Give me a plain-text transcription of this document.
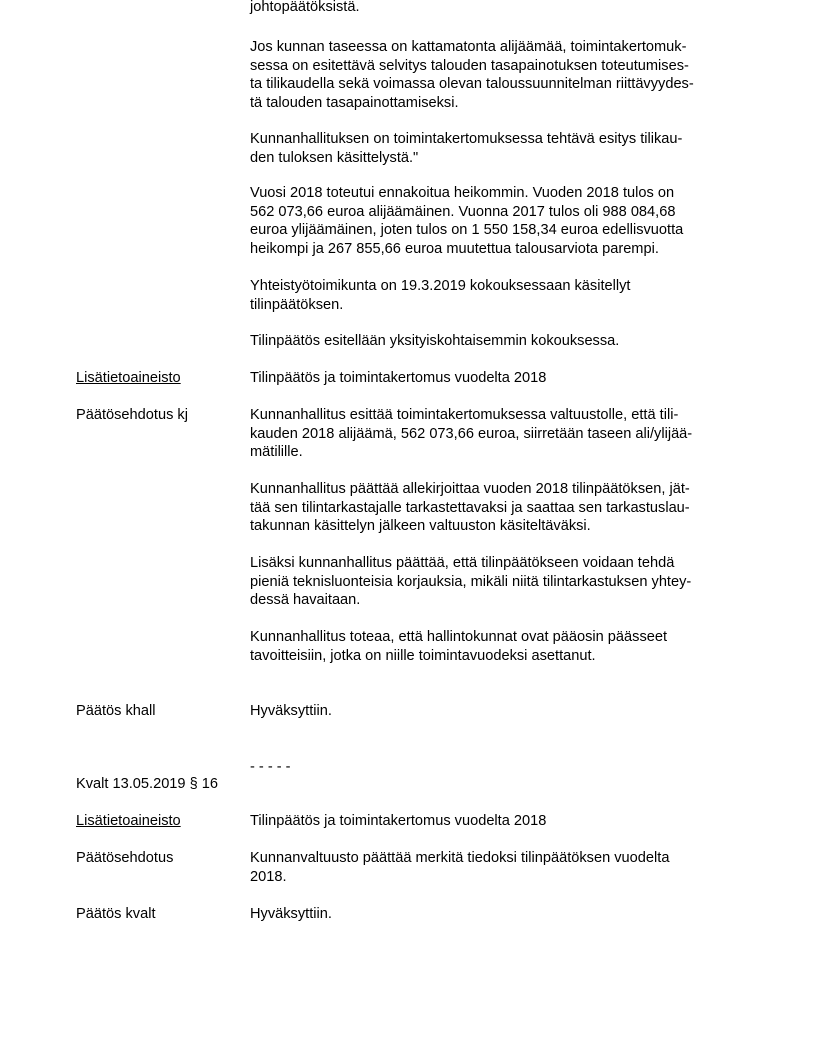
johtopäätöksistä.

Jos kunnan taseessa on kattamatonta alijäämää, toimintakertomuk-
sessa on esitettävä selvitys talouden tasapainotuksen toteutumises-
ta tilikaudella sekä voimassa olevan taloussuunnitelman riittävyydes-
tä talouden tasapainottamiseksi.

Kunnanhallituksen on toimintakertomuksessa tehtävä esitys tilikau-
den tuloksen käsittelystä."

Vuosi 2018 toteutui ennakoitua heikommin. Vuoden 2018 tulos on
562 073,66 euroa alijäämäinen. Vuonna 2017 tulos oli 988 084,68
euroa ylijäämäinen, joten tulos on 1 550 158,34 euroa edellisvuotta
heikompi ja 267 855,66 euroa muutettua talousarviota parempi.

Yhteistyötoimikunta on 19.3.2019 kokouksessaan käsitellyt
tilinpäätöksen.

Tilinpäätös esitellään yksityiskohtaisemmin kokouksessa.

Lisätietoaineisto	Tilinpäätös ja toimintakertomus vuodelta 2018

Päätösehdotus kj	Kunnanhallitus esittää toimintakertomuksessa valtuustolle, että tili-
kauden 2018 alijäämä, 562 073,66 euroa, siirretään taseen ali/ylijää-
mätilille.

Kunnanhallitus päättää allekirjoittaa vuoden 2018 tilinpäätöksen, jät-
tää sen tilintarkastajalle tarkastettavaksi ja saattaa sen tarkastuslau-
takunnan käsittelyn jälkeen valtuuston käsiteltäväksi.

Lisäksi kunnanhallitus päättää, että tilinpäätökseen voidaan tehdä
pieniä teknisluonteisia korjauksia, mikäli niitä tilintarkastuksen yhtey-
dessä havaitaan.

Kunnanhallitus toteaa, että hallintokunnat ovat pääosin päässeet
tavoitteisiin, jotka on niille toimintavuodeksi asettanut.

Päätös khall	Hyväksyttiin.

- - - - -

Kvalt 13.05.2019 § 16

Lisätietoaineisto	Tilinpäätös ja toimintakertomus vuodelta 2018

Päätösehdotus	Kunnanvaltuusto päättää merkitä tiedoksi tilinpäätöksen vuodelta
2018.

Päätös kvalt	Hyväksyttiin.
